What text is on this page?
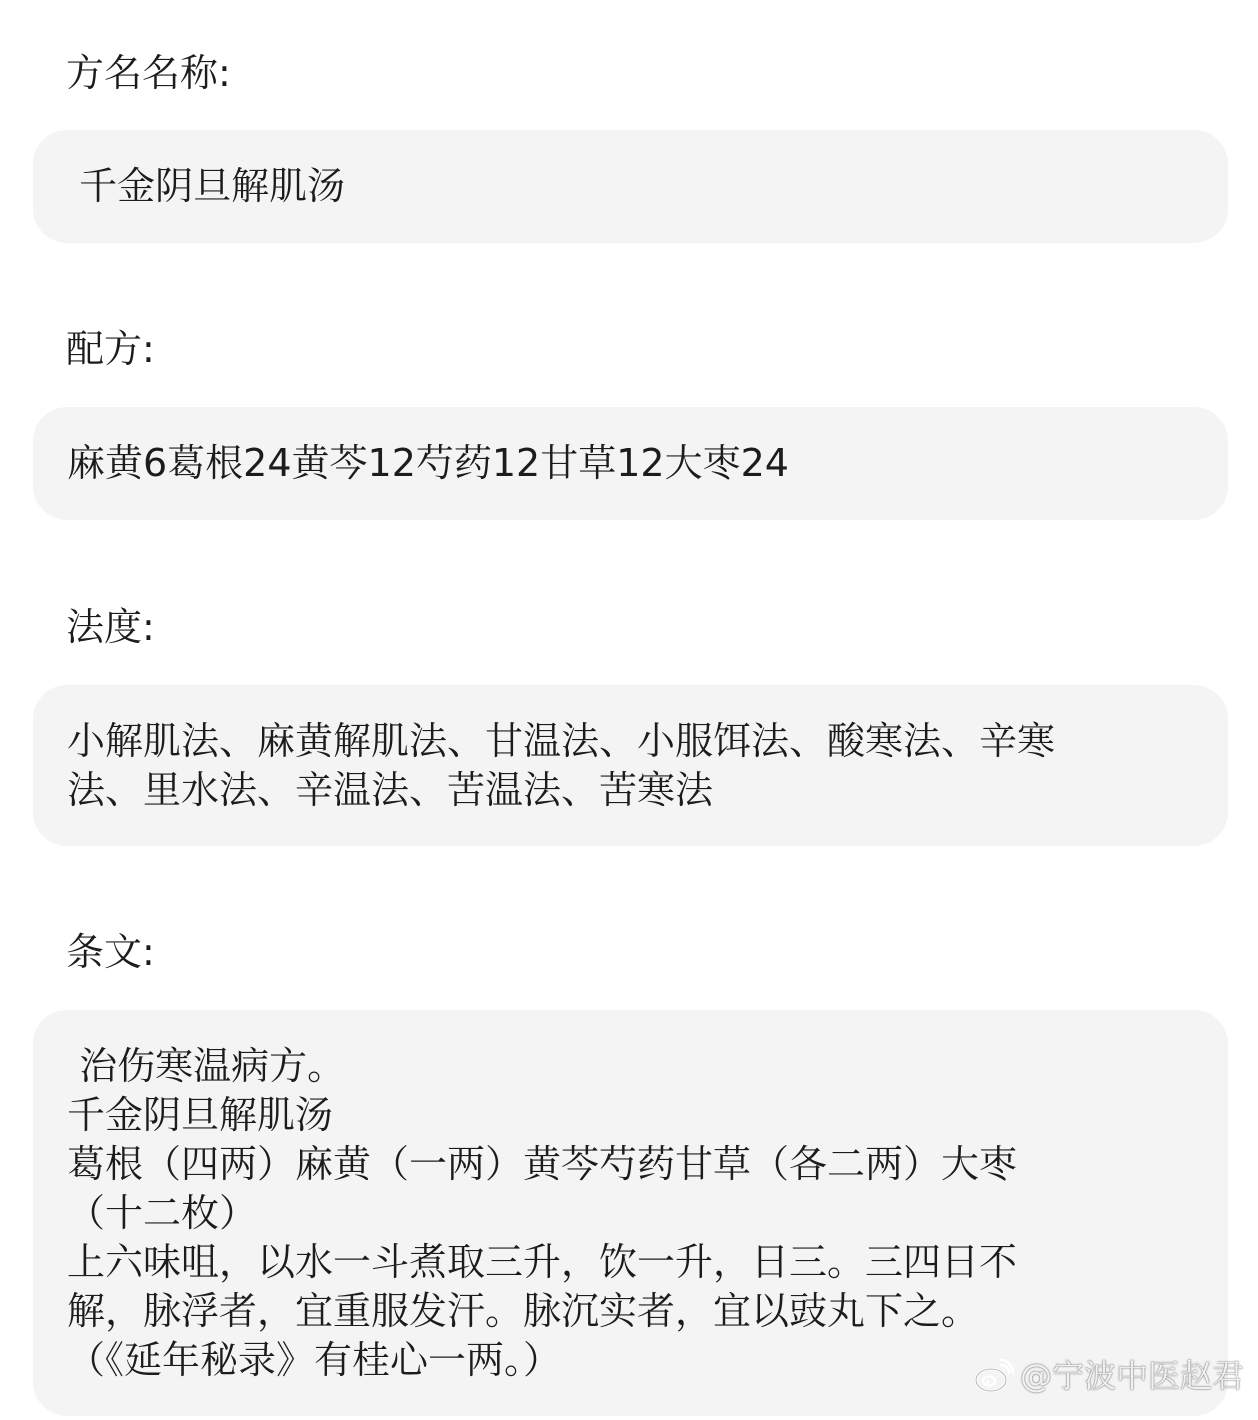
方名名称:
千金阴旦解肌汤
配方:
麻黄6葛根24黄芩12芍药12甘草12大枣24
法度:
小解肌法、麻黄解肌法、甘温法、小服饵法、酸寒法、辛寒
法、里水法、辛温法、苦温法、苦寒法
条文:
治伤寒温病方。
千金阴旦解肌汤
葛根（四两）麻黄（一两）黄芩芍药甘草（各二两）大枣
（十二枚）
上六味咀，以水一斗煮取三升，饮一升，日三。三四日不
解，脉浮者，宜重服发汗。脉沉实者，宜以豉丸下之。
（《延年秘录》有桂心一两。）	@宁波中医赵君
